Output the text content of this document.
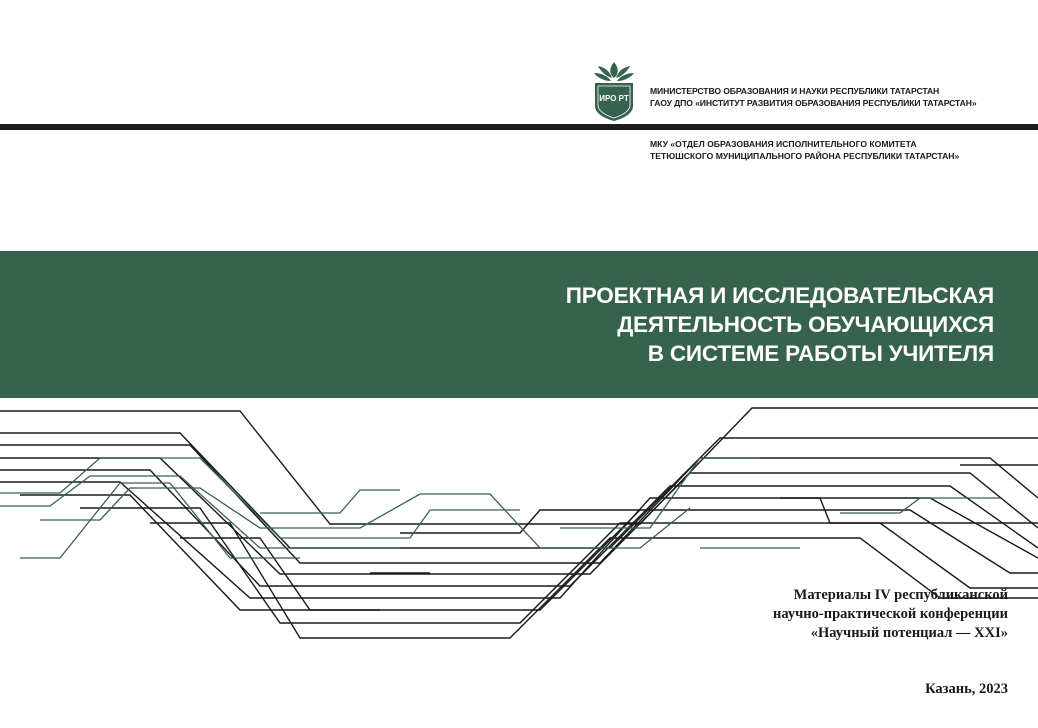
ИРО РТ
МИНИСТЕРСТВО ОБРАЗОВАНИЯ И НАУКИ РЕСПУБЛИКИ ТАТАРСТАН
ГАОУ ДПО «ИНСТИТУТ РАЗВИТИЯ ОБРАЗОВАНИЯ РЕСПУБЛИКИ ТАТАРСТАН»
МКУ «ОТДЕЛ ОБРАЗОВАНИЯ ИСПОЛНИТЕЛЬНОГО КОМИТЕТА
ТЕТЮШСКОГО МУНИЦИПАЛЬНОГО РАЙОНА РЕСПУБЛИКИ ТАТАРСТАН»
ПРОЕКТНАЯ И ИССЛЕДОВАТЕЛЬСКАЯ
ДЕЯТЕЛЬНОСТЬ ОБУЧАЮЩИХСЯ
В СИСТЕМЕ РАБОТЫ УЧИТЕЛЯ
Материалы IV республиканской
научно-практической конференции
«Научный потенциал — XXI»
Казань, 2023
